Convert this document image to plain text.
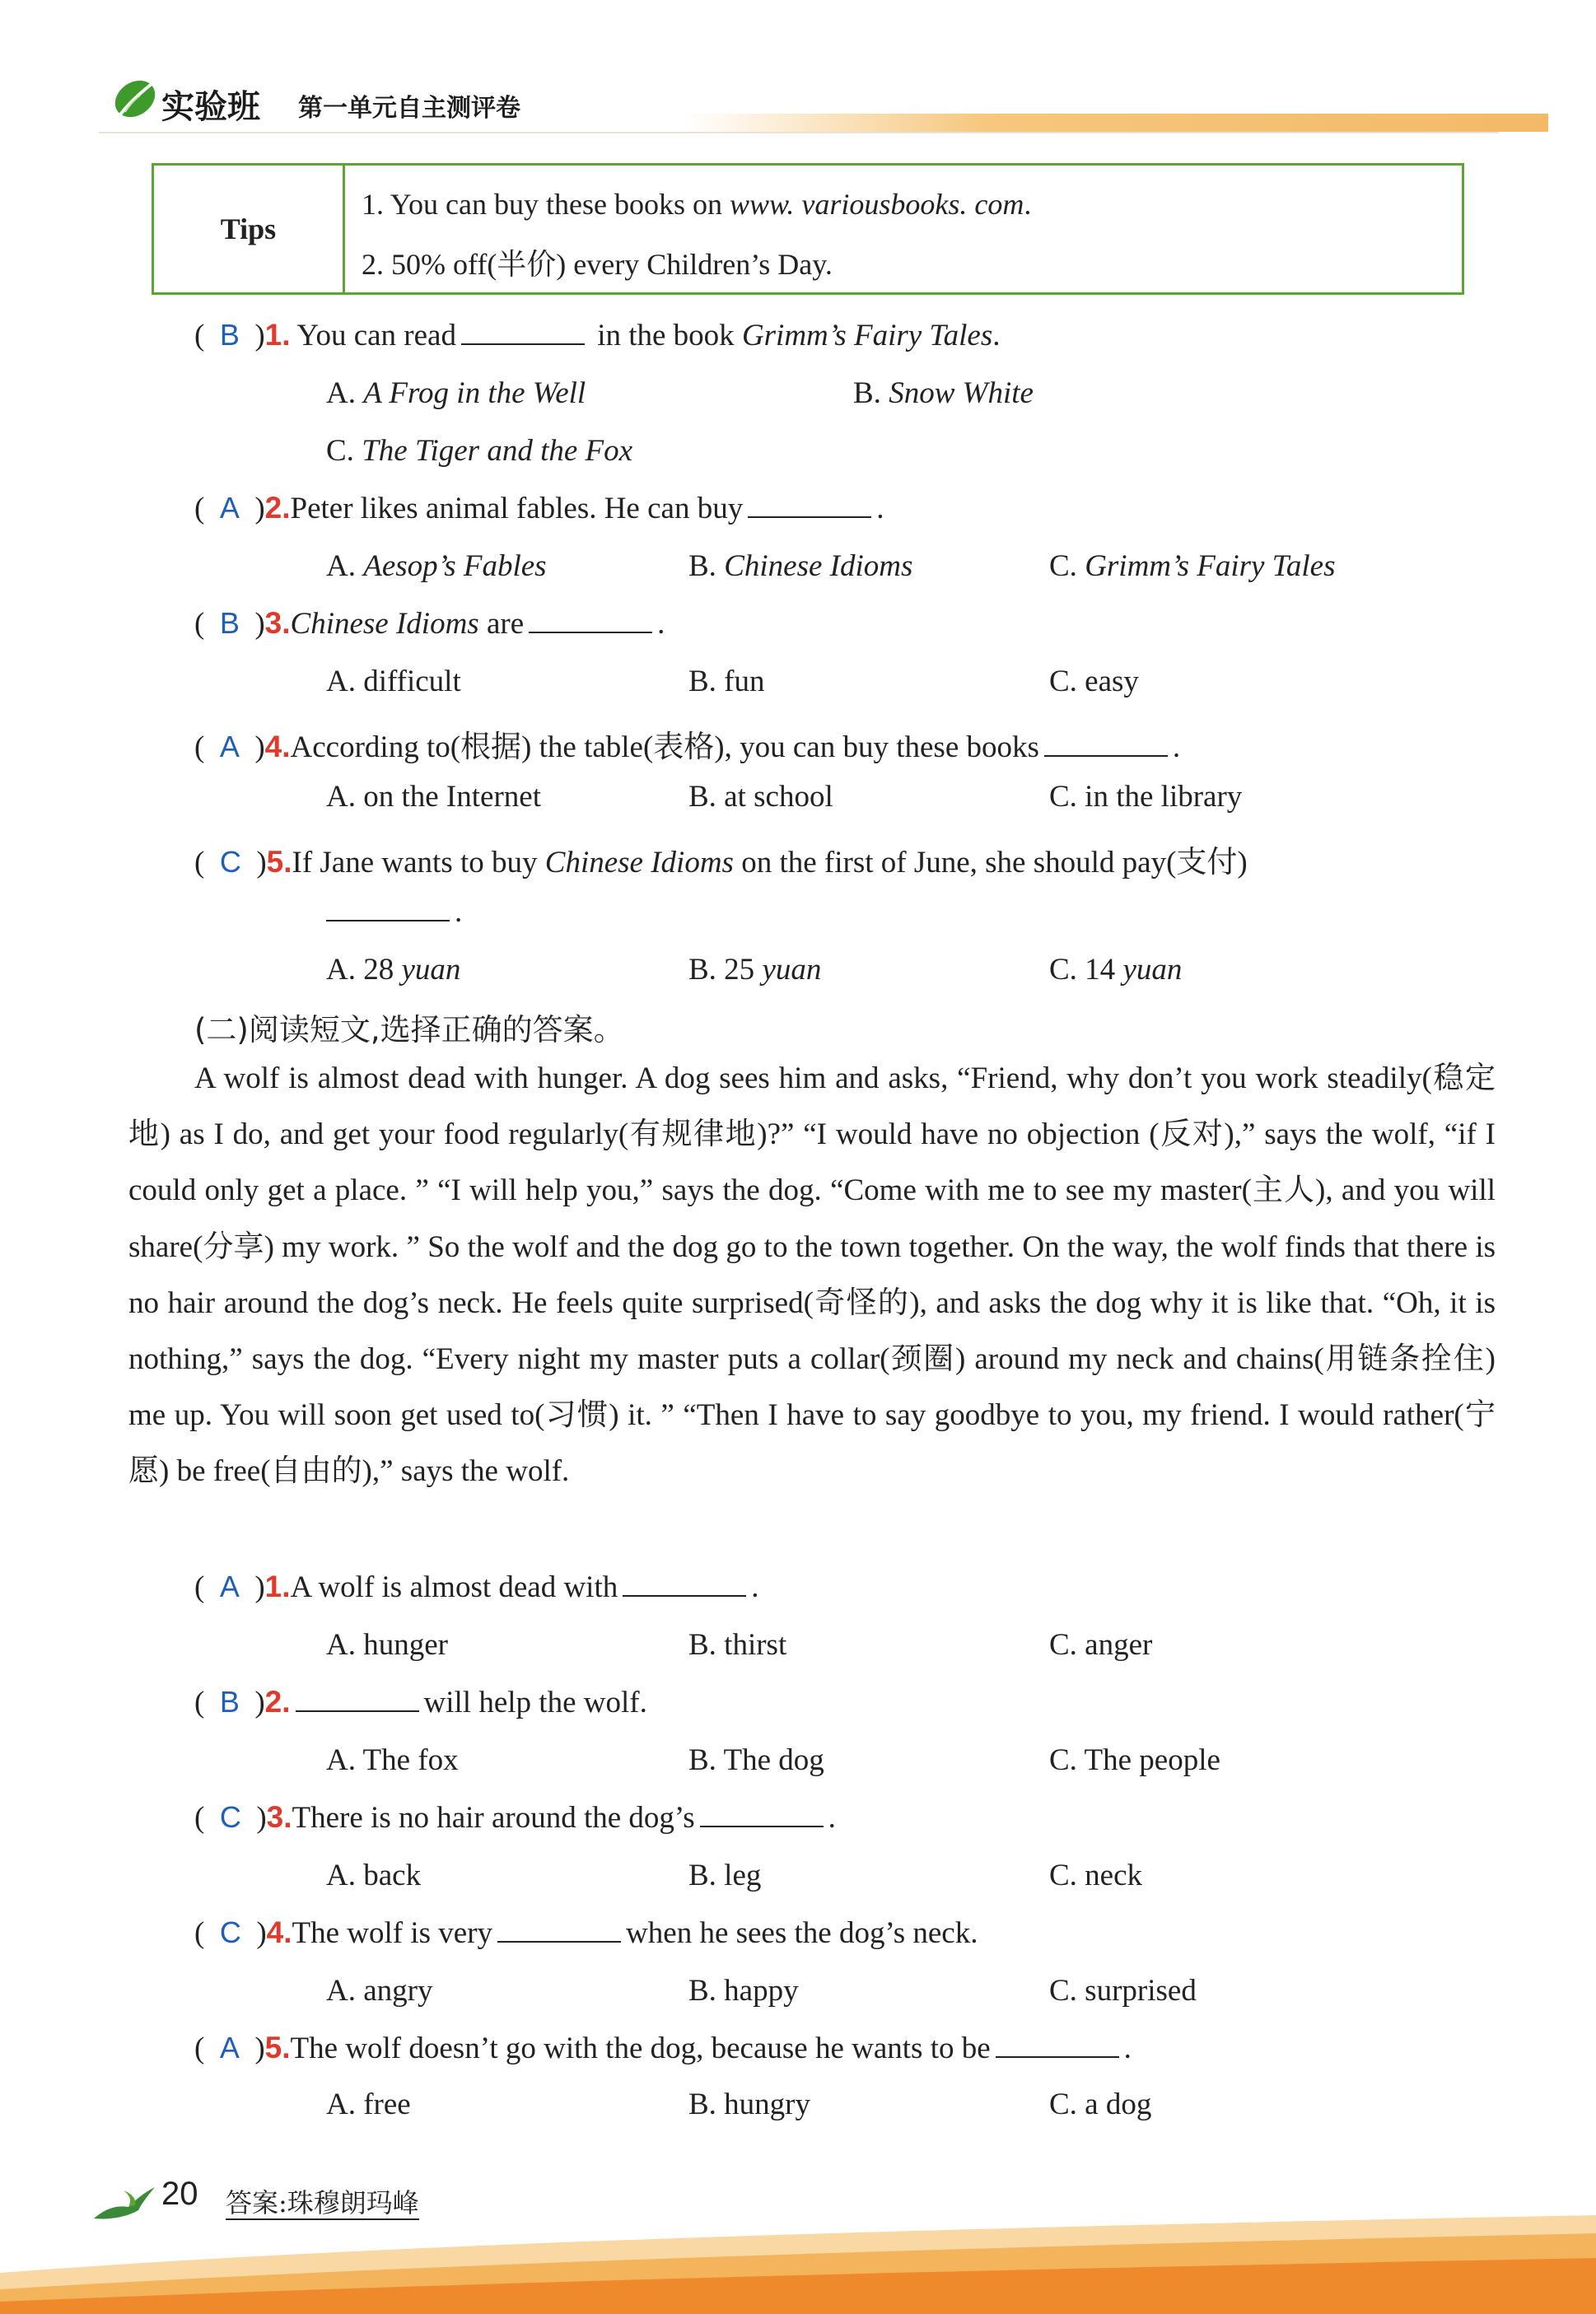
实验班 第一单元自主测评卷
Tips
1. You can buy these books on www. variousbooks. com.
2. 50% off(半价) every Children’s Day.
( B )1. You can read	in the book Grimm’s Fairy Tales.
A. A Frog in the Well	B. Snow White
C. The Tiger and the Fox
( A )2.Peter likes animal fables. He can buy	.
A. Aesop’s Fables	B. Chinese Idioms	C. Grimm’s Fairy Tales
( B )3.Chinese Idioms are	.
A. difficult	B. fun	C. easy
( A )4.According to(根据) the table(表格), you can buy these books	.
A. on the Internet	B. at school	C. in the library
( C )5.If Jane wants to buy Chinese Idioms on the first of June, she should pay(支付)
.
A. 28 yuan	B. 25 yuan	C. 14 yuan
(二)阅读短文,选择正确的答案。

A wolf is almost dead with hunger. A dog sees him and asks, “Friend, why don’t you work steadily(稳定地) as I do, and get your food regularly(有规律地)?” “I would have no objection (反对),” says the wolf, “if I could only get a place. ” “I will help you,” says the dog. “Come with me to see my master(主人), and you will share(分享) my work. ” So the wolf and the dog go to the town together. On the way, the wolf finds that there is no hair around the dog’s neck. He feels quite surprised(奇怪的), and asks the dog why it is like that. “Oh, it is nothing,” says the dog. “Every night my master puts a collar(颈圈) around my neck and chains(用链条拴住) me up. You will soon get used to(习惯) it. ” “Then I have to say goodbye to you, my friend. I would rather(宁愿) be free(自由的),” says the wolf.

( A )1.A wolf is almost dead with	.
A. hunger	B. thirst	C. anger
( B )2.	will help the wolf.
A. The fox	B. The dog	C. The people
( C )3.There is no hair around the dog’s	.
A. back	B. leg	C. neck
( C )4.The wolf is very	when he sees the dog’s neck.
A. angry	B. happy	C. surprised
( A )5.The wolf doesn’t go with the dog, because he wants to be	.
A. free	B. hungry	C. a dog
20 答案:珠穆朗玛峰
